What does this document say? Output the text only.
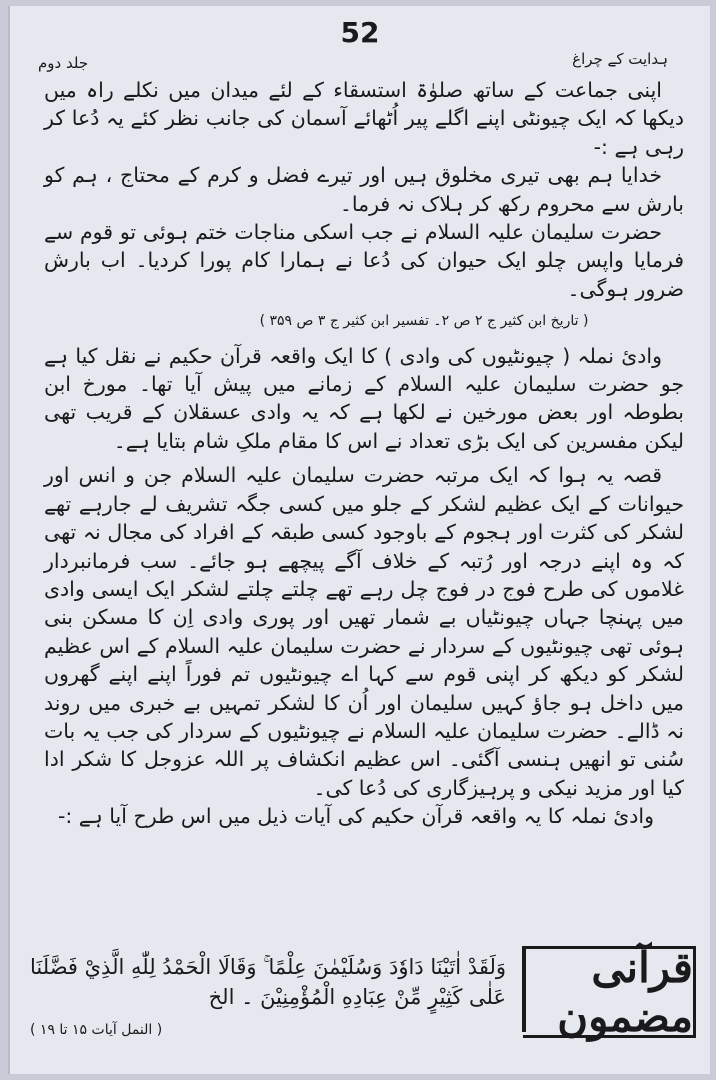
52
ہدایت کے چراغ
جلد دوم

اپنی جماعت کے ساتھ صلوٰۃ استسقاء کے لئے میدان میں نکلے راہ میں دیکھا کہ ایک چیونٹی اپنے اگلے پیر اُٹھائے آسمان کی جانب نظر کئے یہ دُعا کر رہی ہے :-

خدایا ہم بھی تیری مخلوق ہیں اور تیرے فضل و کرم کے محتاج ، ہم کو بارش سے محروم رکھ کر ہلاک نہ فرما۔

حضرت سلیمان علیہ السلام نے جب اسکی مناجات ختم ہوئی تو قوم سے فرمایا واپس چلو ایک حیوان کی دُعا نے ہمارا کام پورا کردیا۔ اب بارش ضرور ہوگی۔

( تاریخ ابن کثیر ج ۲ ص ۲۔ تفسیر ابن کثیر ج ۳ ص ۳۵۹ )

وادیٔ نملہ ( چیونٹیوں کی وادی ) کا ایک واقعہ قرآن حکیم نے نقل کیا ہے جو حضرت سلیمان علیہ السلام کے زمانے میں پیش آیا تھا۔ مورخ ابن بطوطہ اور بعض مورخین نے لکھا ہے کہ یہ وادی عسقلان کے قریب تھی لیکن مفسرین کی ایک بڑی تعداد نے اس کا مقام ملکِ شام بتایا ہے۔

قصہ یہ ہوا کہ ایک مرتبہ حضرت سلیمان علیہ السلام جن و انس اور حیوانات کے ایک عظیم لشکر کے جلو میں کسی جگہ تشریف لے جارہے تھے لشکر کی کثرت اور ہجوم کے باوجود کسی طبقہ کے افراد کی مجال نہ تھی کہ وہ اپنے درجہ اور رُتبہ کے خلاف آگے پیچھے ہو جائے۔ سب فرمانبردار غلاموں کی طرح فوج در فوج چل رہے تھے چلتے چلتے لشکر ایک ایسی وادی میں پہنچا جہاں چیونٹیاں بے شمار تھیں اور پوری وادی اِن کا مسکن بنی ہوئی تھی چیونٹیوں کے سردار نے حضرت سلیمان علیہ السلام کے اس عظیم لشکر کو دیکھ کر اپنی قوم سے کہا اے چیونٹیوں تم فوراً اپنے اپنے گھروں میں داخل ہو جاؤ کہیں سلیمان اور اُن کا لشکر تمہیں بے خبری میں روند نہ ڈالے۔ حضرت سلیمان علیہ السلام نے چیونٹیوں کے سردار کی جب یہ بات سُنی تو انھیں ہنسی آگئی۔ اس عظیم انکشاف پر اللہ عزوجل کا شکر ادا کیا اور مزید نیکی و پرہیزگاری کی دُعا کی۔

وادیٔ نملہ کا یہ واقعہ قرآن حکیم کی آیات ذیل میں اس طرح آیا ہے :-

قرآنی مضمون
وَلَقَدْ اٰتَيْنَا دَاوٗدَ وَسُلَيْمٰنَ عِلْمًا ۚ وَقَالَا الْحَمْدُ لِلّٰهِ الَّذِيْ فَضَّلَنَا عَلٰى كَثِيْرٍ مِّنْ عِبَادِهِ الْمُؤْمِنِيْنَ ۔ الخ
( النمل آیات ۱۵ تا ۱۹ )
